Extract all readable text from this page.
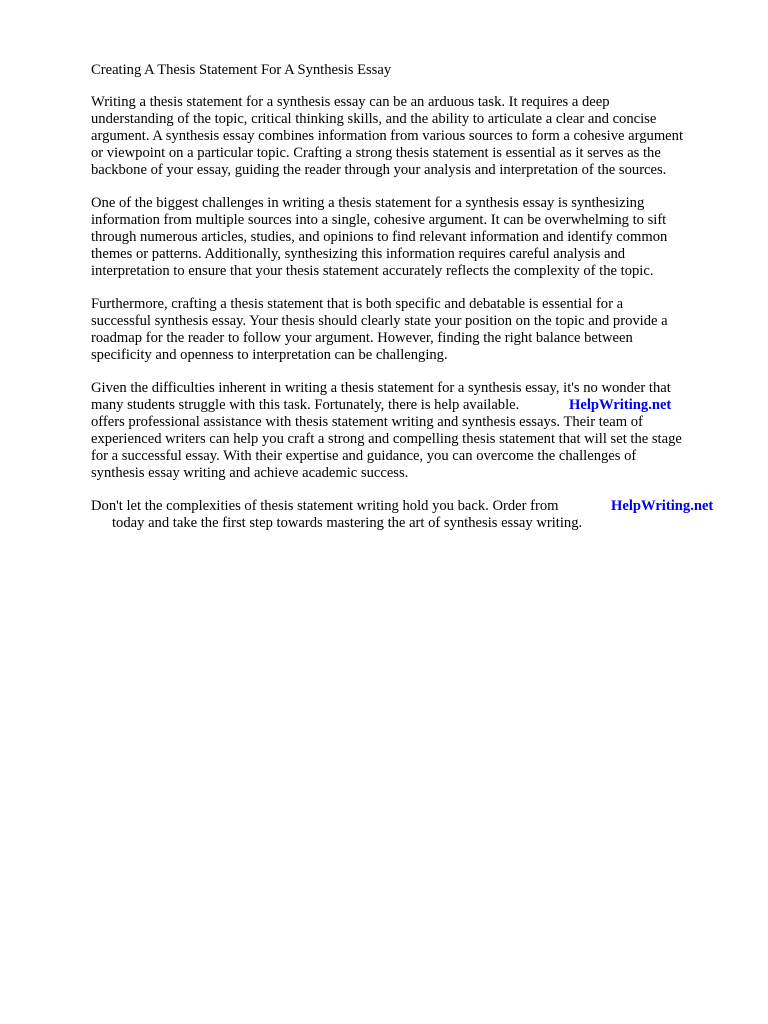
Creating A Thesis Statement For A Synthesis Essay
Writing a thesis statement for a synthesis essay can be an arduous task. It requires a deep
understanding of the topic, critical thinking skills, and the ability to articulate a clear and concise
argument. A synthesis essay combines information from various sources to form a cohesive argument
or viewpoint on a particular topic. Crafting a strong thesis statement is essential as it serves as the
backbone of your essay, guiding the reader through your analysis and interpretation of the sources.
One of the biggest challenges in writing a thesis statement for a synthesis essay is synthesizing
information from multiple sources into a single, cohesive argument. It can be overwhelming to sift
through numerous articles, studies, and opinions to find relevant information and identify common
themes or patterns. Additionally, synthesizing this information requires careful analysis and
interpretation to ensure that your thesis statement accurately reflects the complexity of the topic.
Furthermore, crafting a thesis statement that is both specific and debatable is essential for a
successful synthesis essay. Your thesis should clearly state your position on the topic and provide a
roadmap for the reader to follow your argument. However, finding the right balance between
specificity and openness to interpretation can be challenging.
Given the difficulties inherent in writing a thesis statement for a synthesis essay, it's no wonder that
many students struggle with this task. Fortunately, there is help available.	HelpWriting.net
offers professional assistance with thesis statement writing and synthesis essays. Their team of
experienced writers can help you craft a strong and compelling thesis statement that will set the stage
for a successful essay. With their expertise and guidance, you can overcome the challenges of
synthesis essay writing and achieve academic success.
Don't let the complexities of thesis statement writing hold you back. Order from	HelpWriting.net
today and take the first step towards mastering the art of synthesis essay writing.
